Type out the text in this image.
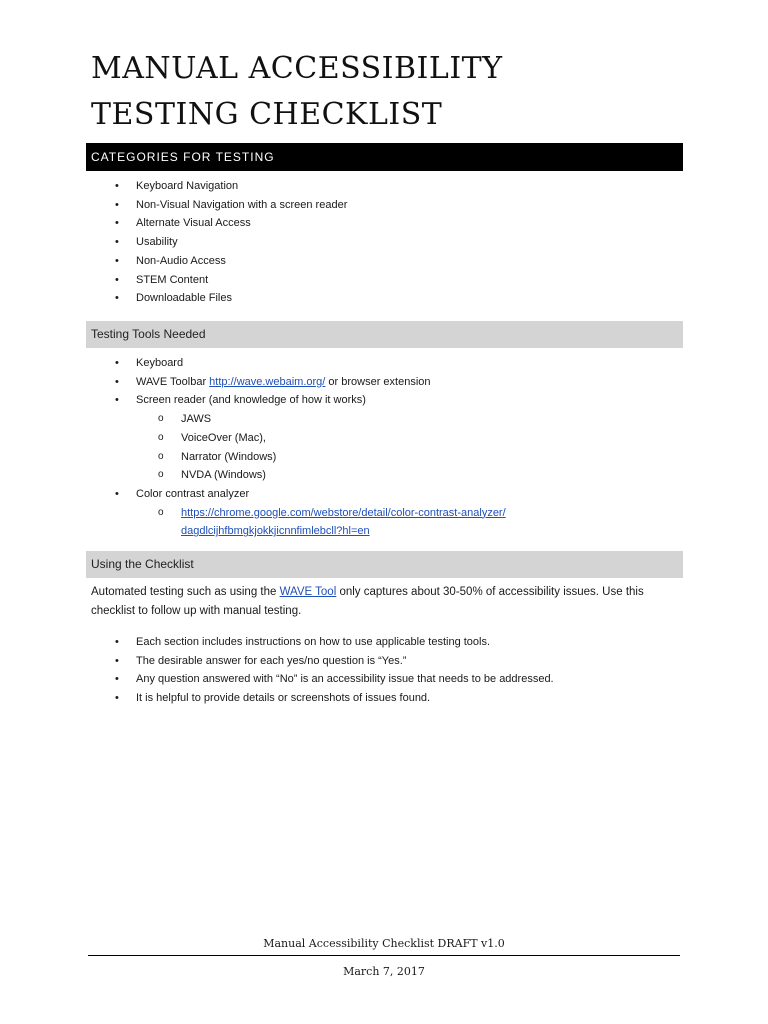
MANUAL ACCESSIBILITY
TESTING CHECKLIST
CATEGORIES FOR TESTING
• Keyboard Navigation
• Non-Visual Navigation with a screen reader
• Alternate Visual Access
• Usability
• Non-Audio Access
• STEM Content
• Downloadable Files
Testing Tools Needed
• Keyboard
• WAVE Toolbar http://wave.webaim.org/ or browser extension
• Screen reader (and knowledge of how it works)
o JAWS
o VoiceOver (Mac),
o Narrator (Windows)
o NVDA (Windows)
• Color contrast analyzer
o https://chrome.google.com/webstore/detail/color-contrast-analyzer/dagdlcijhfbmgkjokkjicnnfimlebcll?hl=en
Using the Checklist
Automated testing such as using the WAVE Tool only captures about 30-50% of accessibility issues. Use this checklist to follow up with manual testing.
• Each section includes instructions on how to use applicable testing tools.
• The desirable answer for each yes/no question is “Yes.”
• Any question answered with “No” is an accessibility issue that needs to be addressed.
• It is helpful to provide details or screenshots of issues found.
Manual Accessibility Checklist DRAFT v1.0
March 7, 2017
